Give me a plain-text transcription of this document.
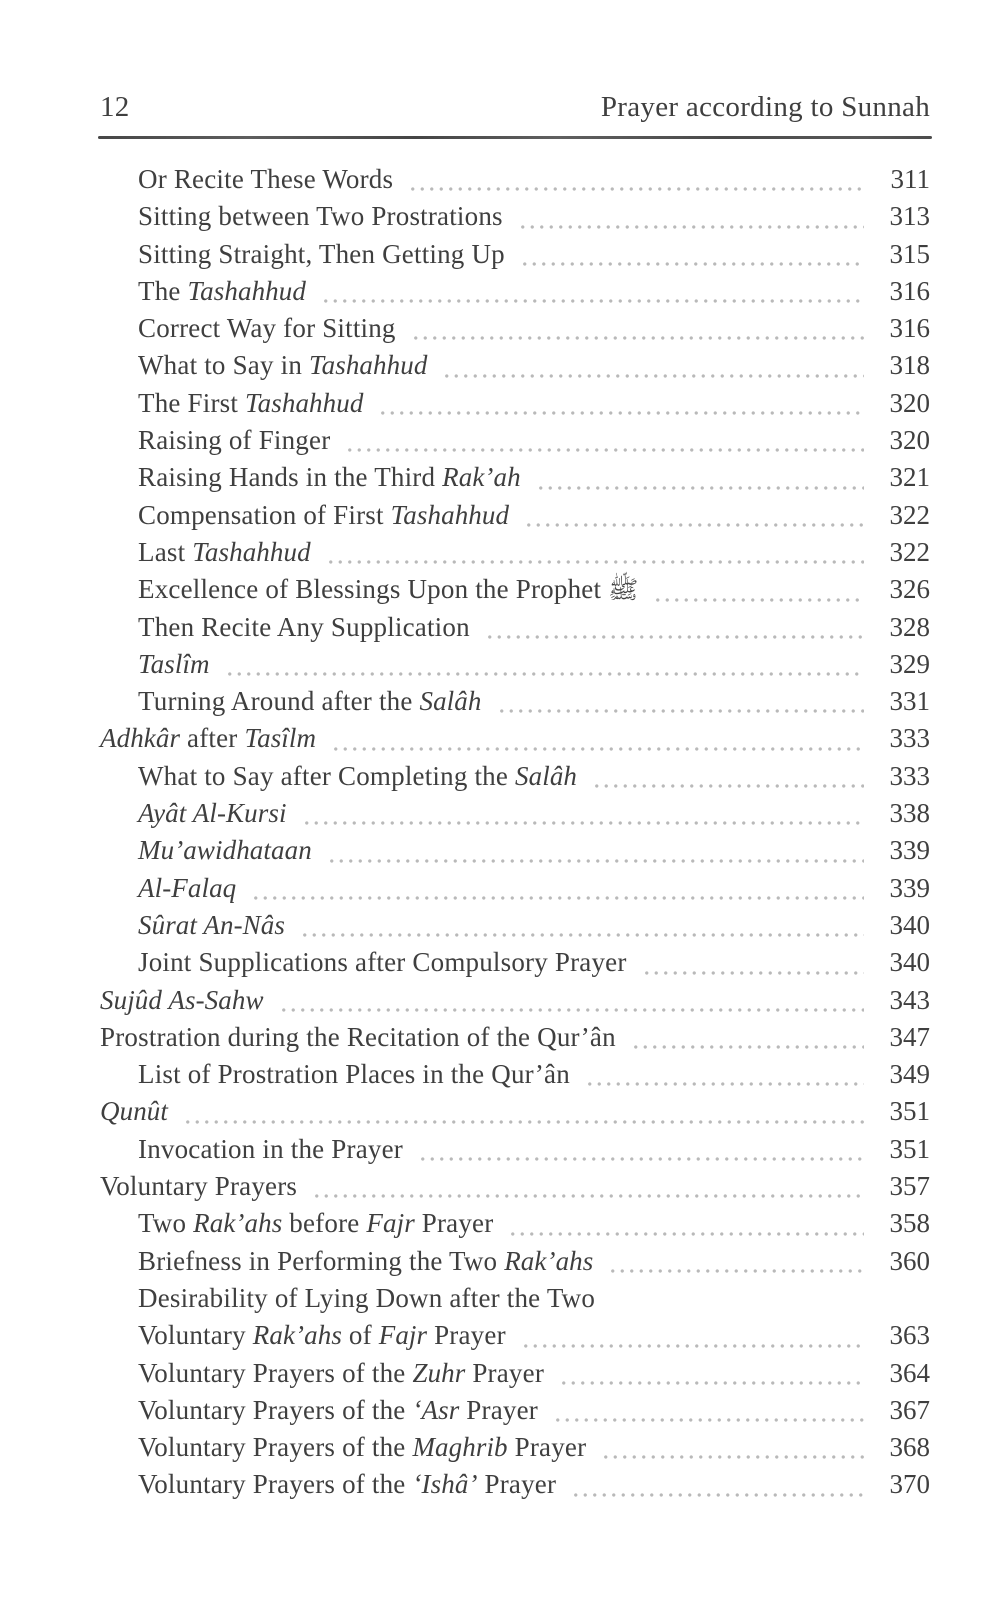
12	Prayer according to Sunnah
Or Recite These Words	311
Sitting between Two Prostrations	313
Sitting Straight, Then Getting Up	315
The Tashahhud	316
Correct Way for Sitting	316
What to Say in Tashahhud	318
The First Tashahhud	320
Raising of Finger	320
Raising Hands in the Third Rak’ah	321
Compensation of First Tashahhud	322
Last Tashahhud	322
Excellence of Blessings Upon the Prophet ﷺ	326
Then Recite Any Supplication	328
Taslîm	329
Turning Around after the Salâh	331
Adhkâr after Tasîlm	333
What to Say after Completing the Salâh	333
Ayât Al-Kursi	338
Mu’awidhataan	339
Al-Falaq	339
Sûrat An-Nâs	340
Joint Supplications after Compulsory Prayer	340
Sujûd As-Sahw	343
Prostration during the Recitation of the Qur’ân	347
List of Prostration Places in the Qur’ân	349
Qunût	351
Invocation in the Prayer	351
Voluntary Prayers	357
Two Rak’ahs before Fajr Prayer	358
Briefness in Performing the Two Rak’ahs	360
Desirability of Lying Down after the Two
Voluntary Rak’ahs of Fajr Prayer	363
Voluntary Prayers of the Zuhr Prayer	364
Voluntary Prayers of the ‘Asr Prayer	367
Voluntary Prayers of the Maghrib Prayer	368
Voluntary Prayers of the ‘Ishâ’ Prayer	370
